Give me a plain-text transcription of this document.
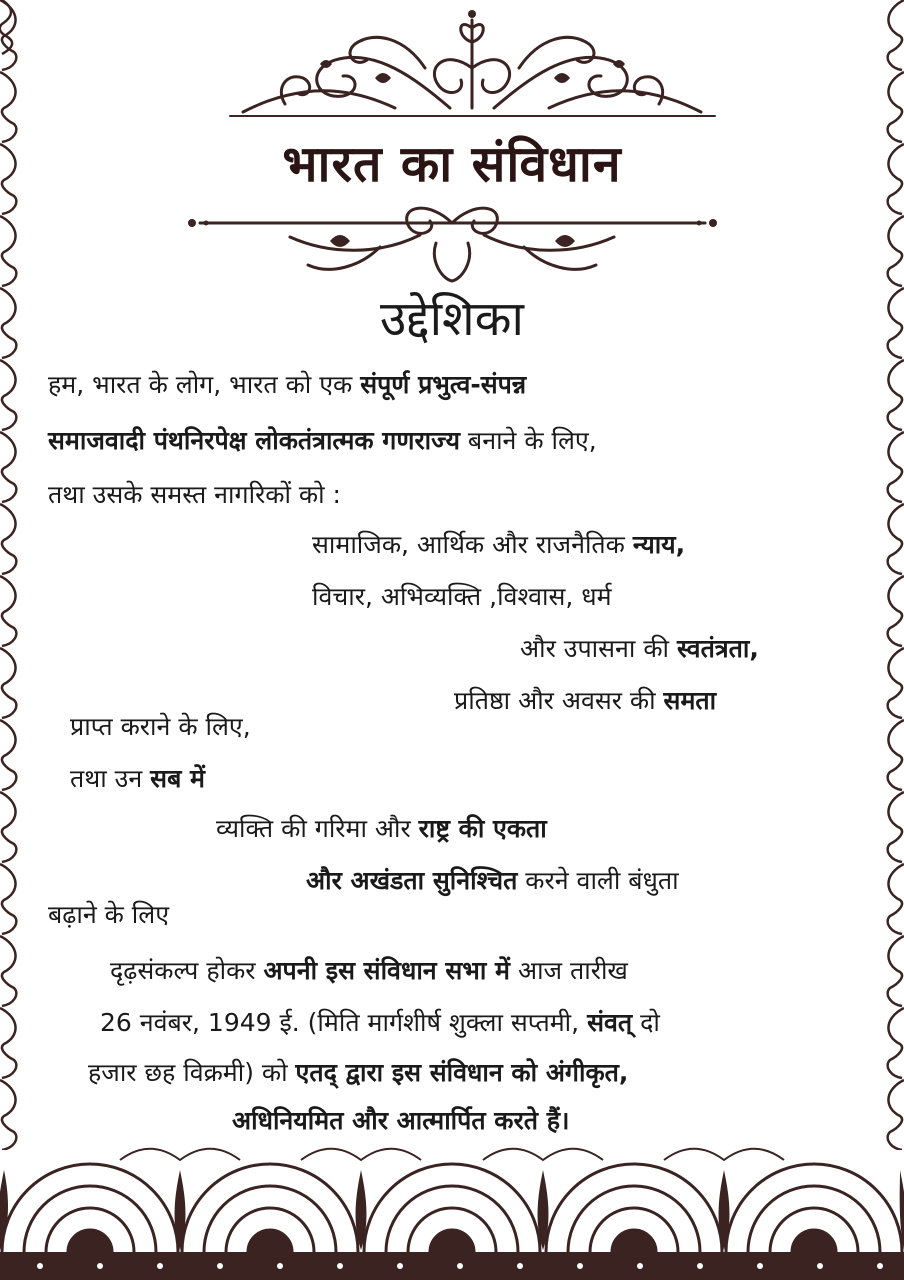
भारत का संविधान
उद्देशिका
हम, भारत के लोग, भारत को एक संपूर्ण प्रभुत्व-संपन्न
समाजवादी पंथनिरपेक्ष लोकतंत्रात्मक गणराज्य बनाने के लिए,
तथा उसके समस्त नागरिकों को :
सामाजिक, आर्थिक और राजनैतिक न्याय,
विचार, अभिव्यक्ति ,विश्वास, धर्म
और उपासना की स्वतंत्रता,
प्रतिष्ठा और अवसर की समता
प्राप्त कराने के लिए,
तथा उन सब में
व्यक्ति की गरिमा और राष्ट्र की एकता
और अखंडता सुनिश्चित करने वाली बंधुता
बढ़ाने के लिए
दृढ़संकल्प होकर अपनी इस संविधान सभा में आज तारीख
26 नवंबर, 1949 ई. (मिति मार्गशीर्ष शुक्ला सप्तमी, संवत् दो
हजार छह विक्रमी) को एतद् द्वारा इस संविधान को अंगीकृत,
अधिनियमित और आत्मार्पित करते हैं।
